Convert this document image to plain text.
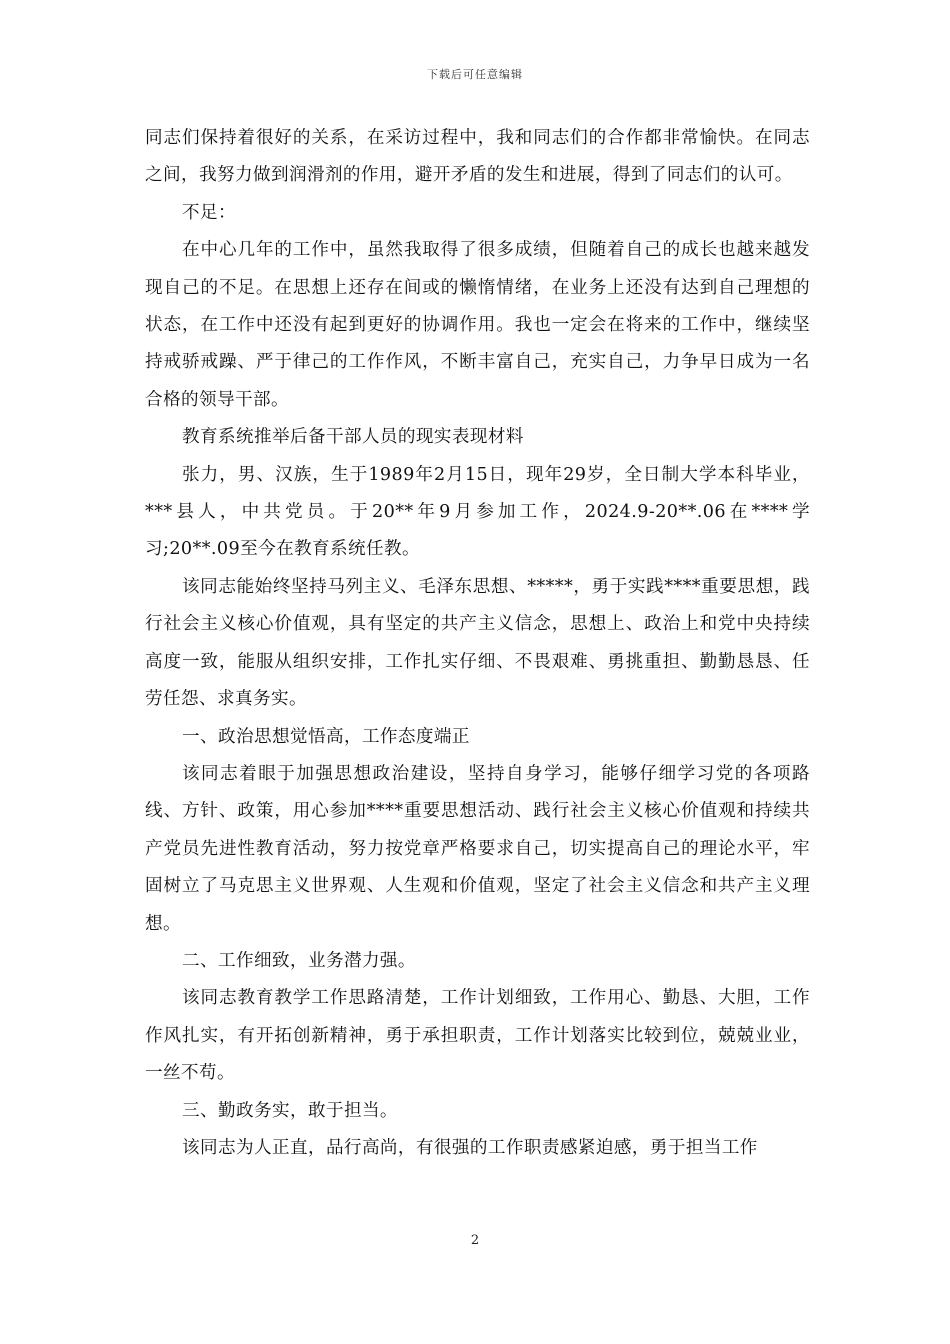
下载后可任意编辑

同志们保持着很好的关系，在采访过程中，我和同志们的合作都非常愉快。在同志之间，我努力做到润滑剂的作用，避开矛盾的发生和进展，得到了同志们的认可。

不足：

在中心几年的工作中，虽然我取得了很多成绩，但随着自己的成长也越来越发现自己的不足。在思想上还存在间或的懒惰情绪，在业务上还没有达到自己理想的状态，在工作中还没有起到更好的协调作用。我也一定会在将来的工作中，继续坚持戒骄戒躁、严于律己的工作作风，不断丰富自己，充实自己，力争早日成为一名合格的领导干部。

教育系统推举后备干部人员的现实表现材料

张力，男、汉族，生于1989年2月15日，现年29岁，全日制大学本科毕业，***县人，中共党员。于20**年9月参加工作，2024.9-20**.06在****学习;20**.09至今在教育系统任教。

该同志能始终坚持马列主义、毛泽东思想、*****，勇于实践****重要思想，践行社会主义核心价值观，具有坚定的共产主义信念，思想上、政治上和党中央持续高度一致，能服从组织安排，工作扎实仔细、不畏艰难、勇挑重担、勤勤恳恳、任劳任怨、求真务实。

一、政治思想觉悟高，工作态度端正

该同志着眼于加强思想政治建设，坚持自身学习，能够仔细学习党的各项路线、方针、政策，用心参加****重要思想活动、践行社会主义核心价值观和持续共产党员先进性教育活动，努力按党章严格要求自己，切实提高自己的理论水平，牢固树立了马克思主义世界观、人生观和价值观，坚定了社会主义信念和共产主义理想。

二、工作细致，业务潜力强。

该同志教育教学工作思路清楚，工作计划细致，工作用心、勤恳、大胆，工作作风扎实，有开拓创新精神，勇于承担职责，工作计划落实比较到位，兢兢业业，一丝不苟。

三、勤政务实，敢于担当。

该同志为人正直，品行高尚，有很强的工作职责感紧迫感，勇于担当工作

2
